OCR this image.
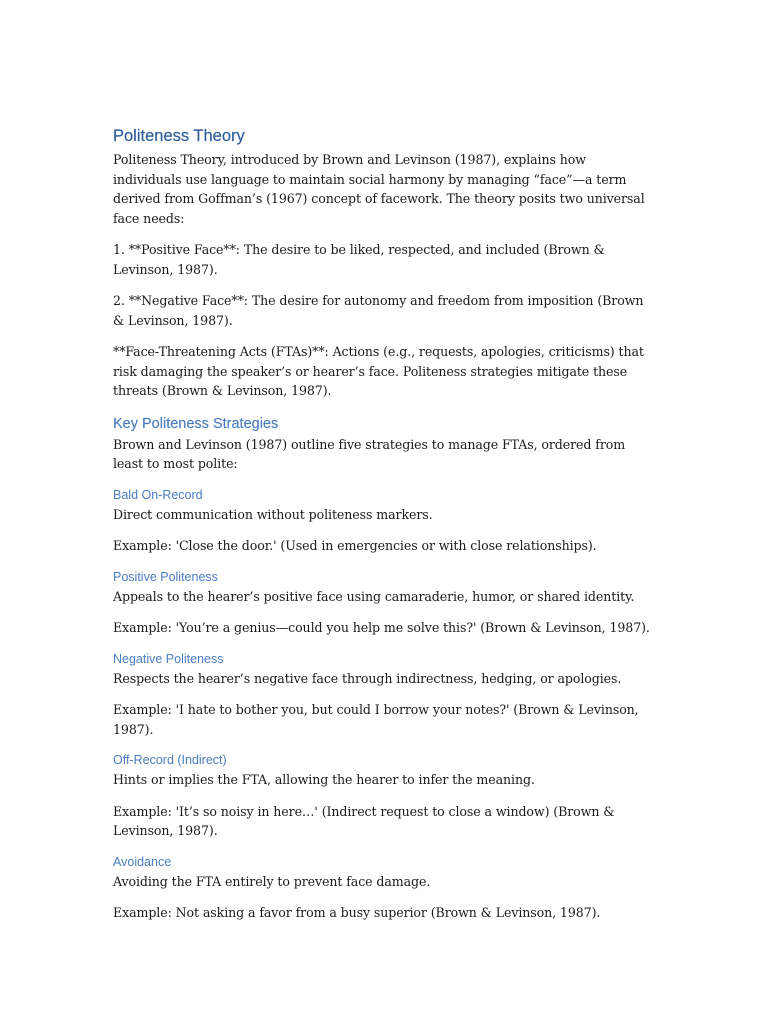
Politeness Theory

Politeness Theory, introduced by Brown and Levinson (1987), explains how individuals use language to maintain social harmony by managing “face”—a term derived from Goffman’s (1967) concept of facework. The theory posits two universal face needs:

1. **Positive Face**: The desire to be liked, respected, and included (Brown & Levinson, 1987).

2. **Negative Face**: The desire for autonomy and freedom from imposition (Brown & Levinson, 1987).

**Face-Threatening Acts (FTAs)**: Actions (e.g., requests, apologies, criticisms) that risk damaging the speaker’s or hearer’s face. Politeness strategies mitigate these threats (Brown & Levinson, 1987).

Key Politeness Strategies

Brown and Levinson (1987) outline five strategies to manage FTAs, ordered from least to most polite:

Bald On-Record

Direct communication without politeness markers.

Example: 'Close the door.' (Used in emergencies or with close relationships).

Positive Politeness

Appeals to the hearer’s positive face using camaraderie, humor, or shared identity.

Example: 'You’re a genius—could you help me solve this?' (Brown & Levinson, 1987).

Negative Politeness

Respects the hearer’s negative face through indirectness, hedging, or apologies.

Example: 'I hate to bother you, but could I borrow your notes?' (Brown & Levinson, 1987).

Off-Record (Indirect)

Hints or implies the FTA, allowing the hearer to infer the meaning.

Example: 'It’s so noisy in here…' (Indirect request to close a window) (Brown & Levinson, 1987).

Avoidance

Avoiding the FTA entirely to prevent face damage.

Example: Not asking a favor from a busy superior (Brown & Levinson, 1987).
